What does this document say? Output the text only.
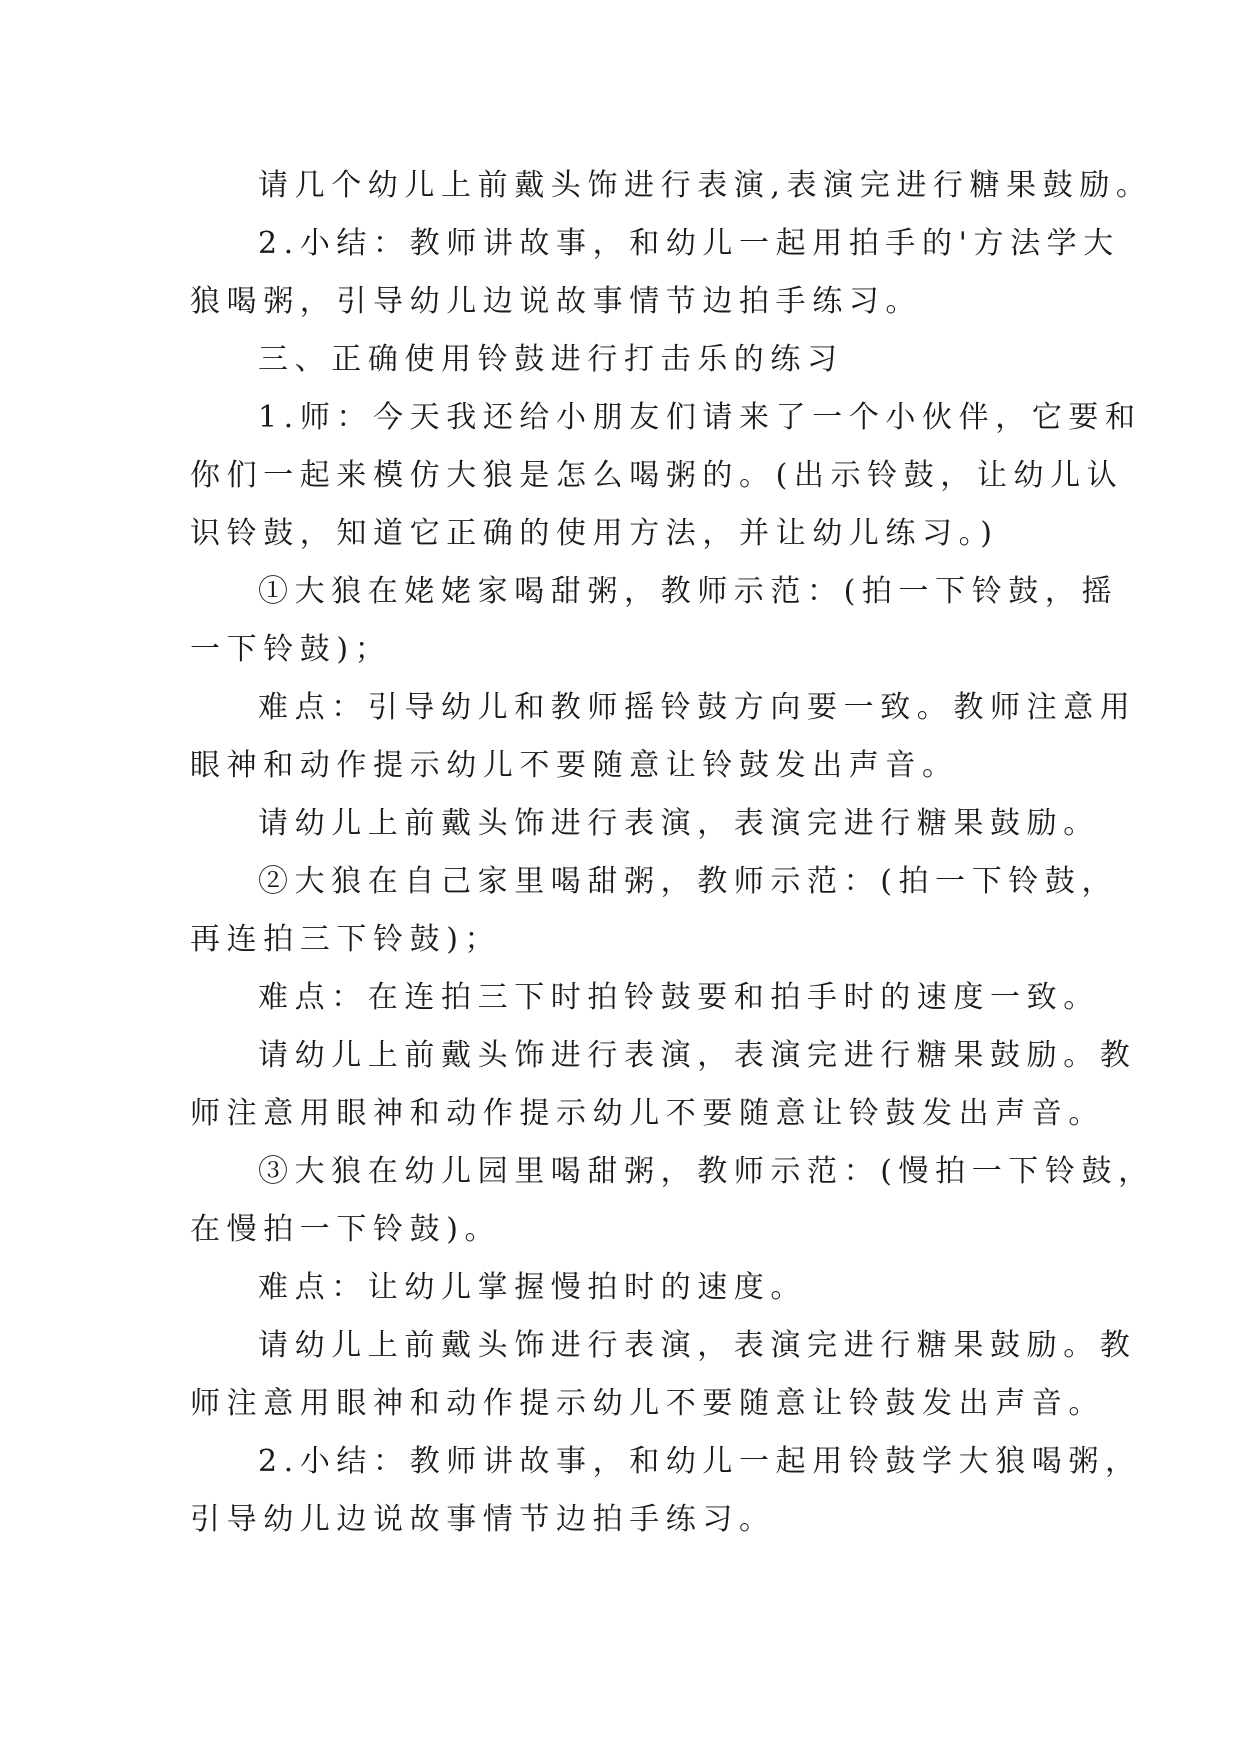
请几个幼儿上前戴头饰进行表演,表演完进行糖果鼓励。
2.小结：教师讲故事，和幼儿一起用拍手的'方法学大
狼喝粥，引导幼儿边说故事情节边拍手练习。
三、正确使用铃鼓进行打击乐的练习
1.师：今天我还给小朋友们请来了一个小伙伴，它要和
你们一起来模仿大狼是怎么喝粥的。(出示铃鼓，让幼儿认
识铃鼓，知道它正确的使用方法，并让幼儿练习。)
①大狼在姥姥家喝甜粥，教师示范：(拍一下铃鼓，摇
一下铃鼓)；
难点：引导幼儿和教师摇铃鼓方向要一致。教师注意用
眼神和动作提示幼儿不要随意让铃鼓发出声音。
请幼儿上前戴头饰进行表演，表演完进行糖果鼓励。
②大狼在自己家里喝甜粥，教师示范：(拍一下铃鼓，
再连拍三下铃鼓)；
难点：在连拍三下时拍铃鼓要和拍手时的速度一致。
请幼儿上前戴头饰进行表演，表演完进行糖果鼓励。教
师注意用眼神和动作提示幼儿不要随意让铃鼓发出声音。
③大狼在幼儿园里喝甜粥，教师示范：(慢拍一下铃鼓，
在慢拍一下铃鼓)。
难点：让幼儿掌握慢拍时的速度。
请幼儿上前戴头饰进行表演，表演完进行糖果鼓励。教
师注意用眼神和动作提示幼儿不要随意让铃鼓发出声音。
2.小结：教师讲故事，和幼儿一起用铃鼓学大狼喝粥，
引导幼儿边说故事情节边拍手练习。
